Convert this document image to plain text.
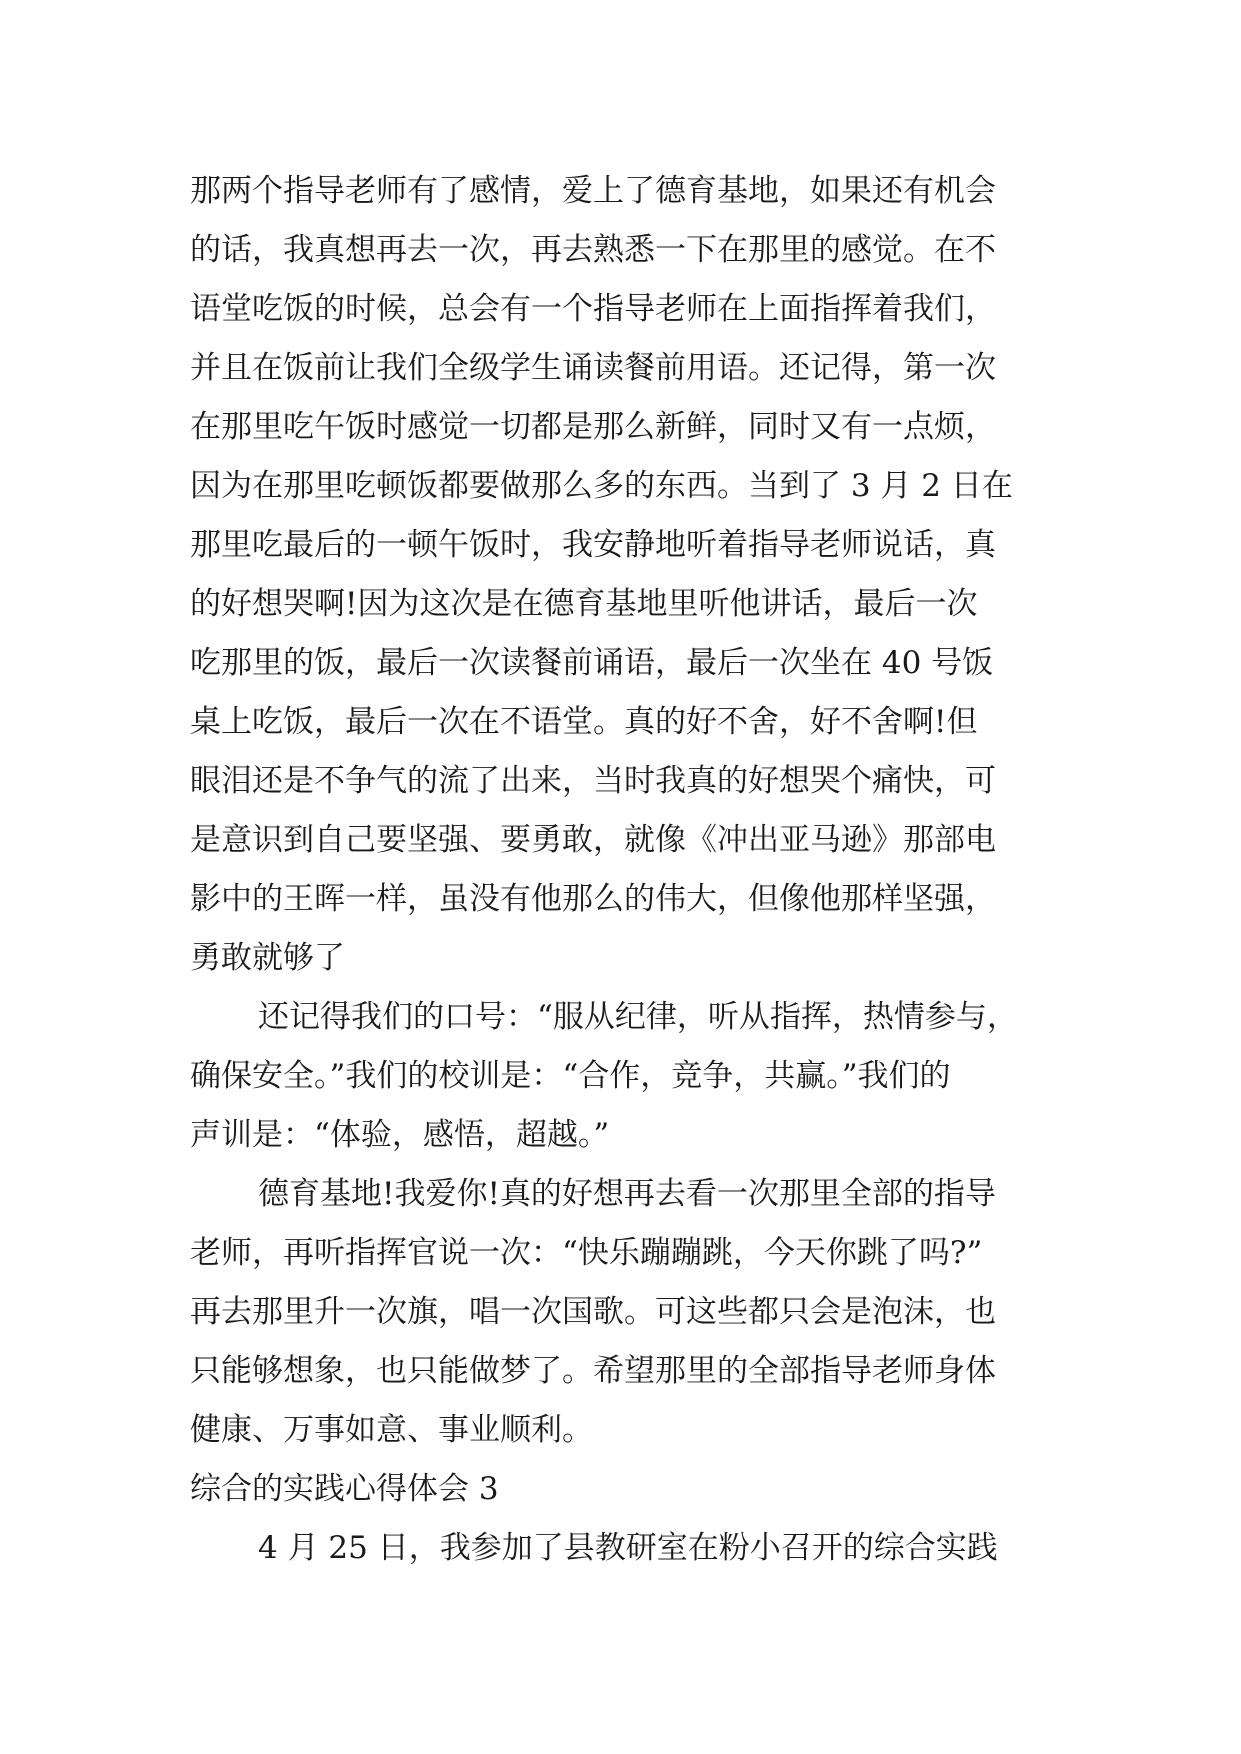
那两个指导老师有了感情，爱上了德育基地，如果还有机会
的话，我真想再去一次，再去熟悉一下在那里的感觉。在不
语堂吃饭的时候，总会有一个指导老师在上面指挥着我们，
并且在饭前让我们全级学生诵读餐前用语。还记得，第一次
在那里吃午饭时感觉一切都是那么新鲜，同时又有一点烦，
因为在那里吃顿饭都要做那么多的东西。当到了 3 月 2 日在
那里吃最后的一顿午饭时，我安静地听着指导老师说话，真
的好想哭啊!因为这次是在德育基地里听他讲话，最后一次
吃那里的饭，最后一次读餐前诵语，最后一次坐在 40 号饭
桌上吃饭，最后一次在不语堂。真的好不舍，好不舍啊!但
眼泪还是不争气的流了出来，当时我真的好想哭个痛快，可
是意识到自己要坚强、要勇敢，就像《冲出亚马逊》那部电
影中的王晖一样，虽没有他那么的伟大，但像他那样坚强，
勇敢就够了
还记得我们的口号：“服从纪律，听从指挥，热情参与，
确保安全。”我们的校训是：“合作，竞争，共赢。”我们的
声训是：“体验，感悟，超越。”
德育基地!我爱你!真的好想再去看一次那里全部的指导
老师，再听指挥官说一次：“快乐蹦蹦跳，今天你跳了吗?”
再去那里升一次旗，唱一次国歌。可这些都只会是泡沫，也
只能够想象，也只能做梦了。希望那里的全部指导老师身体
健康、万事如意、事业顺利。
综合的实践心得体会 3
4 月 25 日，我参加了县教研室在粉小召开的综合实践
